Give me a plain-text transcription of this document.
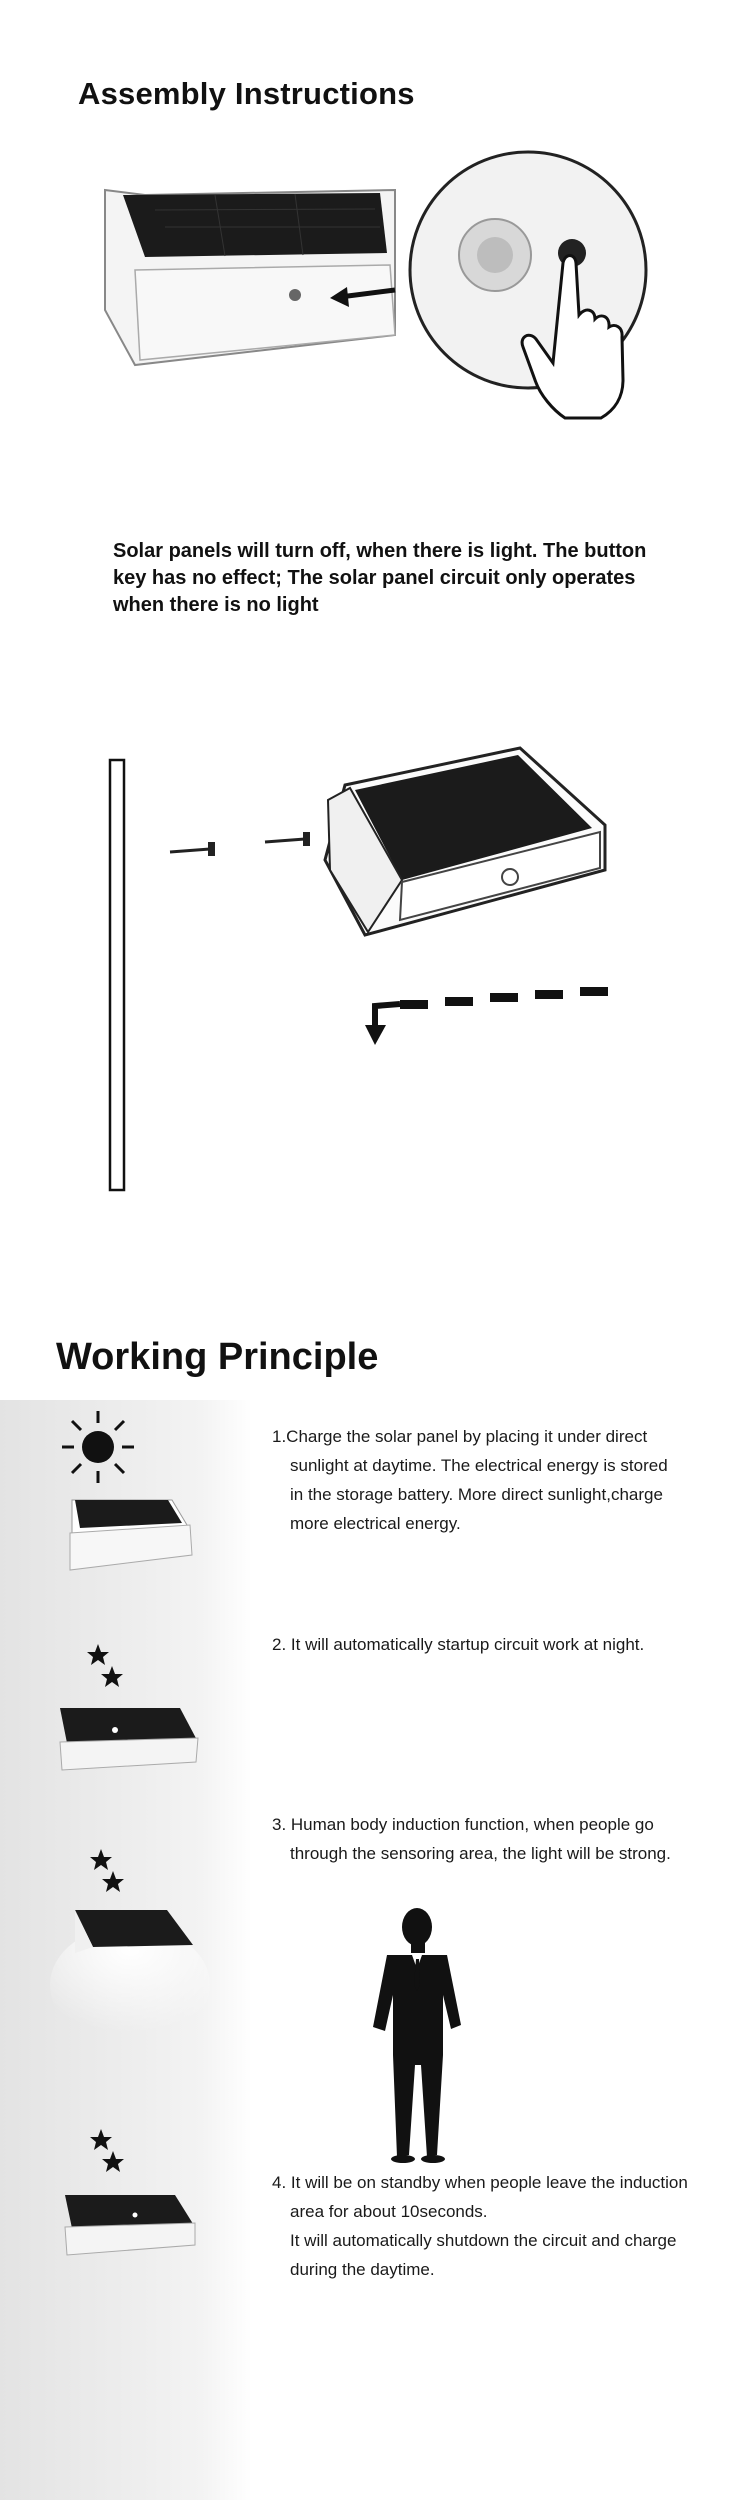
Assembly Instructions
Solar panels will turn off, when there is light. The button key has no effect; The solar panel circuit only operates when there is no light
Working Principle

1.Charge the solar panel by placing it under direct

sunlight at daytime. The electrical energy is stored

in the storage battery. More direct sunlight,charge

more electrical energy.

2. It will automatically startup circuit work at night.

3. Human body induction function, when people go

through the sensoring area, the light will be strong.

4. It will be on standby when people leave the induction

area for about 10seconds.

It will automatically shutdown the circuit and charge

during the daytime.
